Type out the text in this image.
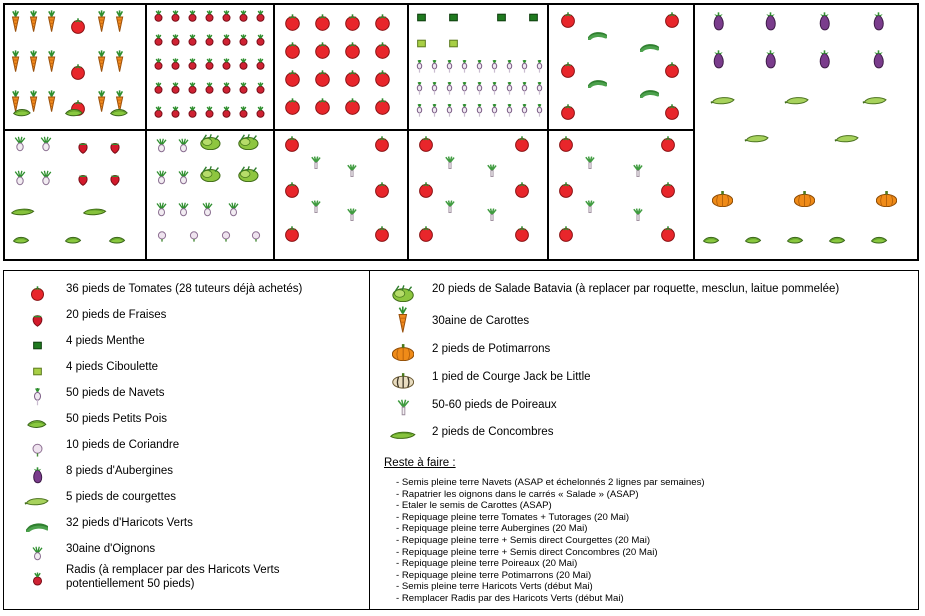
36 pieds de Tomates (28 tuteurs déjà achetés)
20 pieds de Fraises
4 pieds Menthe
4 pieds Ciboulette
50 pieds de Navets
50 pieds Petits Pois
10 pieds de Coriandre
8 pieds d'Aubergines
5 pieds de courgettes
32 pieds d'Haricots Verts
30aine d'Oignons
Radis (à remplacer par des Haricots Verts
potentiellement 50 pieds)
20 pieds de Salade Batavia (à replacer par roquette, mesclun, laitue pommelée)
30aine de Carottes
2 pieds de Potimarrons
1 pied de Courge Jack be Little
50-60 pieds de Poireaux
2 pieds de Concombres
Reste à faire :
- Semis pleine terre Navets (ASAP et échelonnés 2 lignes par semaines)
- Rapatrier les oignons dans le carrés « Salade » (ASAP)
- Etaler le semis de Carottes (ASAP)
- Repiquage pleine terre Tomates + Tutorages (20 Mai)
- Repiquage pleine terre Aubergines (20 Mai)
- Repiquage pleine terre + Semis direct Courgettes (20 Mai)
- Repiquage pleine terre + Semis direct Concombres (20 Mai)
- Repiquage pleine terre Poireaux (20 Mai)
- Repiquage pleine terre Potimarrons (20 Mai)
- Semis pleine terre Haricots Verts (début Mai)
- Remplacer Radis par des Haricots Verts (début Mai)
